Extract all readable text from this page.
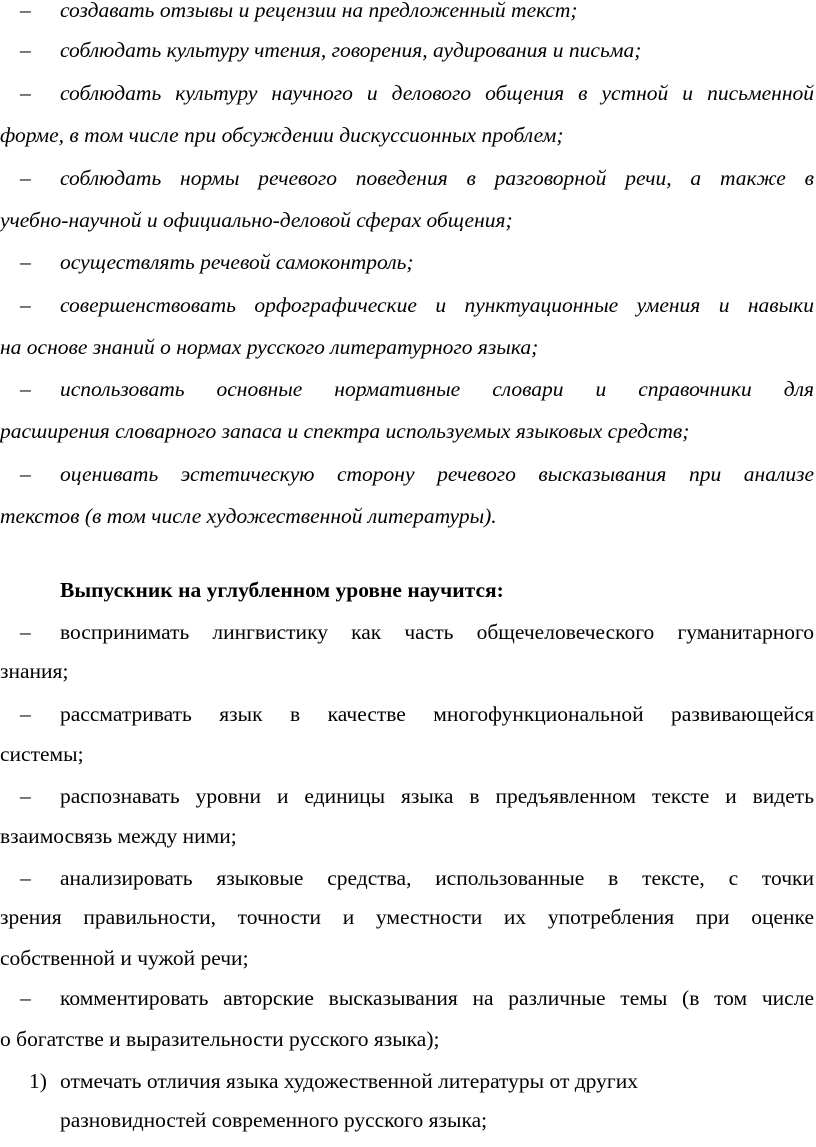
– создавать отзывы и рецензии на предложенный текст;
– соблюдать культуру чтения, говорения, аудирования и письма;
– соблюдать культуру научного и делового общения в устной и письменной
форме, в том числе при обсуждении дискуссионных проблем;
– соблюдать нормы речевого поведения в разговорной речи, а также в
учебно-научной и официально-деловой сферах общения;
– осуществлять речевой самоконтроль;
– совершенствовать орфографические и пунктуационные умения и навыки
на основе знаний о нормах русского литературного языка;
– использовать основные нормативные словари и справочники для
расширения словарного запаса и спектра используемых языковых средств;
– оценивать эстетическую сторону речевого высказывания при анализе
текстов (в том числе художественной литературы).
Выпускник на углубленном уровне научится:
– воспринимать лингвистику как часть общечеловеческого гуманитарного
знания;
– рассматривать язык в качестве многофункциональной развивающейся
системы;
– распознавать уровни и единицы языка в предъявленном тексте и видеть
взаимосвязь между ними;
– анализировать языковые средства, использованные в тексте, с точки
зрения правильности, точности и уместности их употребления при оценке
собственной и чужой речи;
– комментировать авторские высказывания на различные темы (в том числе
о богатстве и выразительности русского языка);
1) отмечать отличия языка художественной литературы от других
разновидностей современного русского языка;
